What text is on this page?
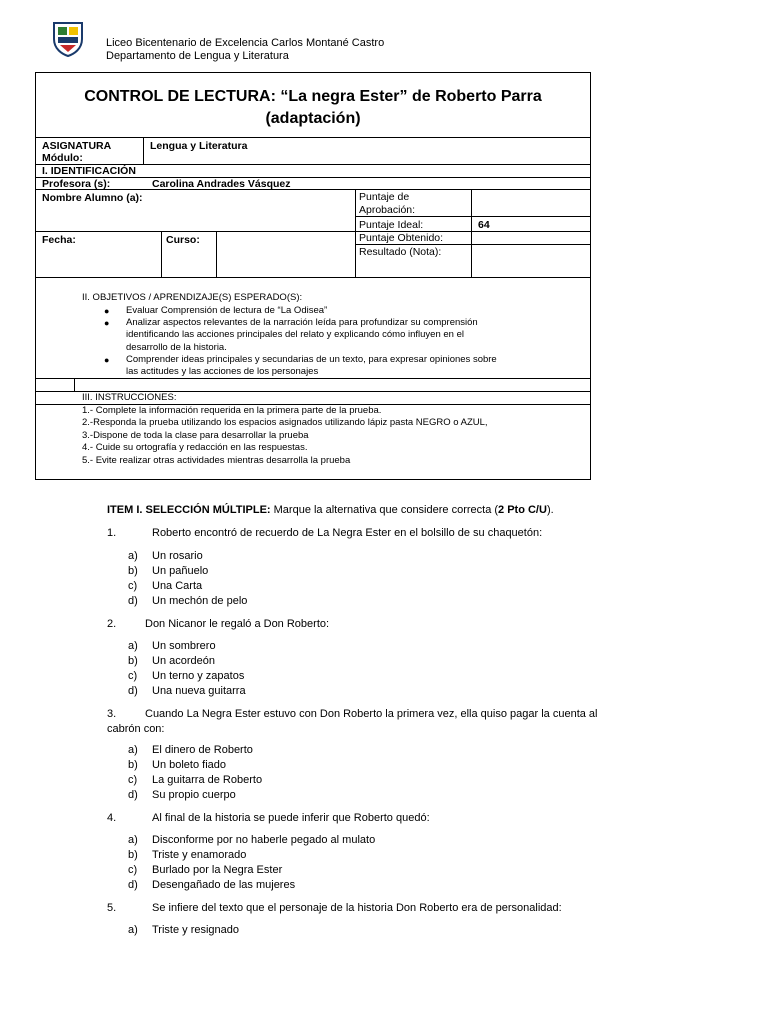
Liceo Bicentenario de Excelencia Carlos Montané Castro
Departamento de Lengua y Literatura
CONTROL DE LECTURA: “La negra Ester” de Roberto Parra
(adaptación)
ASIGNATURA
Módulo:
Lengua y Literatura
I. IDENTIFICACIÓN
Profesora (s):	Carolina Andrades Vásquez
Nombre Alumno (a):	Puntaje de
Aprobación:
Puntaje Ideal:	64
Puntaje Obtenido:
Resultado (Nota):
Fecha:	Curso:
II. OBJETIVOS / APRENDIZAJE(S) ESPERADO(S):
● Evaluar Comprensión de lectura de “La Odisea”
● Analizar aspectos relevantes de la narración leída para profundizar su comprensión
identificando las acciones principales del relato y explicando cómo influyen en el
desarrollo de la historia.
● Comprender ideas principales y secundarias de un texto, para expresar opiniones sobre
las actitudes y las acciones de los personajes
III. INSTRUCCIONES:
1.- Complete la información requerida en la primera parte de la prueba.
2.-Responda la prueba utilizando los espacios asignados utilizando lápiz pasta NEGRO o AZUL,
3.-Dispone de toda la clase para desarrollar la prueba
4.- Cuide su ortografía y redacción en las respuestas.
5.- Evite realizar otras actividades mientras desarrolla la prueba
ITEM I. SELECCIÓN MÚLTIPLE: Marque la alternativa que considere correcta (2 Pto C/U).
1.	Roberto encontró de recuerdo de La Negra Ester en el bolsillo de su chaquetón:
a) Un rosario
b) Un pañuelo
c) Una Carta
d) Un mechón de pelo
2.	Don Nicanor le regaló a Don Roberto:
a) Un sombrero
b) Un acordeón
c) Un terno y zapatos
d) Una nueva guitarra
3.	Cuando La Negra Ester estuvo con Don Roberto la primera vez, ella quiso pagar la cuenta al
cabrón con:
a) El dinero de Roberto
b) Un boleto fiado
c) La guitarra de Roberto
d) Su propio cuerpo
4.	Al final de la historia se puede inferir que Roberto quedó:
a) Disconforme por no haberle pegado al mulato
b) Triste y enamorado
c) Burlado por la Negra Ester
d) Desengañado de las mujeres
5.	Se infiere del texto que el personaje de la historia Don Roberto era de personalidad:
a) Triste y resignado
